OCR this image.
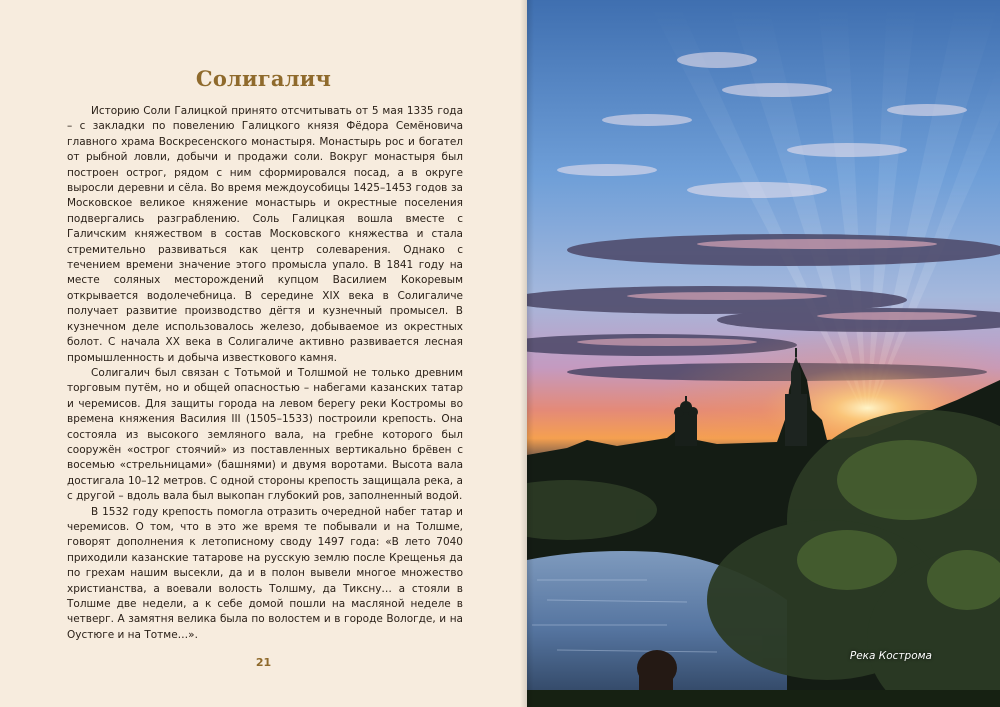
Солигалич

Историю Соли Галицкой принято отсчитывать от 5 мая 1335 года – с закладки по повелению Галицкого князя Фёдора Семёновича главного храма Воскресенского монастыря. Монастырь рос и богател от рыбной ловли, добычи и продажи соли. Вокруг монастыря был построен острог, рядом с ним сформировался посад, а в округе выросли деревни и сёла. Во время междоусобицы 1425–1453 годов за Московское великое княжение монастырь и окрестные поселения подвергались разграблению. Соль Галицкая вошла вместе с Галичским княжеством в состав Московского княжества и стала стремительно развиваться как центр солеварения. Однако с течением времени значение этого промысла упало. В 1841 году на месте соляных месторождений купцом Василием Кокоревым открывается водолечебница. В середине XIX века в Солигаличе получает развитие производство дёгтя и кузнечный промысел. В кузнечном деле использовалось железо, добываемое из окрестных болот. С начала XX века в Солигаличе активно развивается лесная промышленность и добыча известкового камня.

Солигалич был связан с Тотьмой и Толшмой не только древним торговым путём, но и общей опасностью – набегами казанских татар и черемисов. Для защиты города на левом берегу реки Костромы во времена княжения Василия III (1505–1533) построили крепость. Она состояла из высокого земляного вала, на гребне которого был сооружён «острог стоячий» из поставленных вертикально брёвен с восемью «стрельницами» (башнями) и двумя воротами. Высота вала достигала 10–12 метров. С одной стороны крепость защищала река, а с другой – вдоль вала был выкопан глубокий ров, заполненный водой.

В 1532 году крепость помогла отразить очередной набег татар и черемисов. О том, что в это же время те побывали и на Толшме, говорят дополнения к летописному своду 1497 года: «В лето 7040 приходили казанские татарове на русскую землю после Крещенья да по грехам нашим высекли, да и в полон вывели многое множество христианства, а воевали волость Толшму, да Тиксну… а стояли в Толшме две недели, а к себе домой пошли на масляной неделе в четверг. А замятня велика была по волостем и в городе Вологде, и на Оустюге и на Тотме…».

21	Река Кострома
